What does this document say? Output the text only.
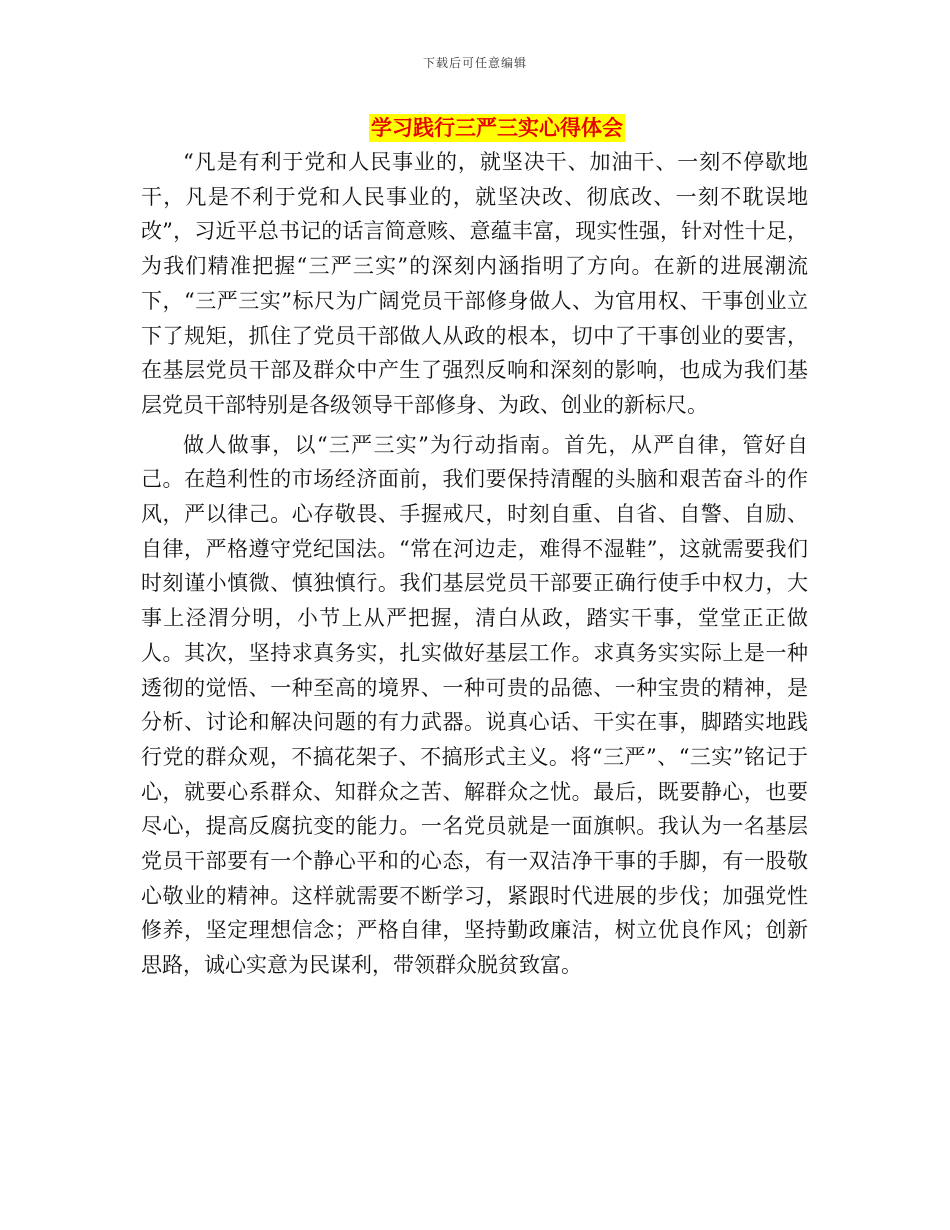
下载后可任意编辑
学习践行三严三实心得体会

“凡是有利于党和人民事业的，就坚决干、加油干、一刻不停歇地干，凡是不利于党和人民事业的，就坚决改、彻底改、一刻不耽误地改”，习近平总书记的话言简意赅、意蕴丰富，现实性强，针对性十足，为我们精准把握“三严三实”的深刻内涵指明了方向。在新的进展潮流下，“三严三实”标尺为广阔党员干部修身做人、为官用权、干事创业立下了规矩，抓住了党员干部做人从政的根本，切中了干事创业的要害，在基层党员干部及群众中产生了强烈反响和深刻的影响，也成为我们基层党员干部特别是各级领导干部修身、为政、创业的新标尺。

做人做事，以“三严三实”为行动指南。首先，从严自律，管好自己。在趋利性的市场经济面前，我们要保持清醒的头脑和艰苦奋斗的作风，严以律己。心存敬畏、手握戒尺，时刻自重、自省、自警、自励、自律，严格遵守党纪国法。“常在河边走，难得不湿鞋”，这就需要我们时刻谨小慎微、慎独慎行。我们基层党员干部要正确行使手中权力，大事上泾渭分明，小节上从严把握，清白从政，踏实干事，堂堂正正做人。其次，坚持求真务实，扎实做好基层工作。求真务实实际上是一种透彻的觉悟、一种至高的境界、一种可贵的品德、一种宝贵的精神，是分析、讨论和解决问题的有力武器。说真心话、干实在事，脚踏实地践行党的群众观，不搞花架子、不搞形式主义。将“三严”、“三实”铭记于心，就要心系群众、知群众之苦、解群众之忧。最后，既要静心，也要尽心，提高反腐抗变的能力。一名党员就是一面旗帜。我认为一名基层党员干部要有一个静心平和的心态，有一双洁净干事的手脚，有一股敬心敬业的精神。这样就需要不断学习，紧跟时代进展的步伐；加强党性修养，坚定理想信念；严格自律，坚持勤政廉洁，树立优良作风；创新思路，诚心实意为民谋利，带领群众脱贫致富。
